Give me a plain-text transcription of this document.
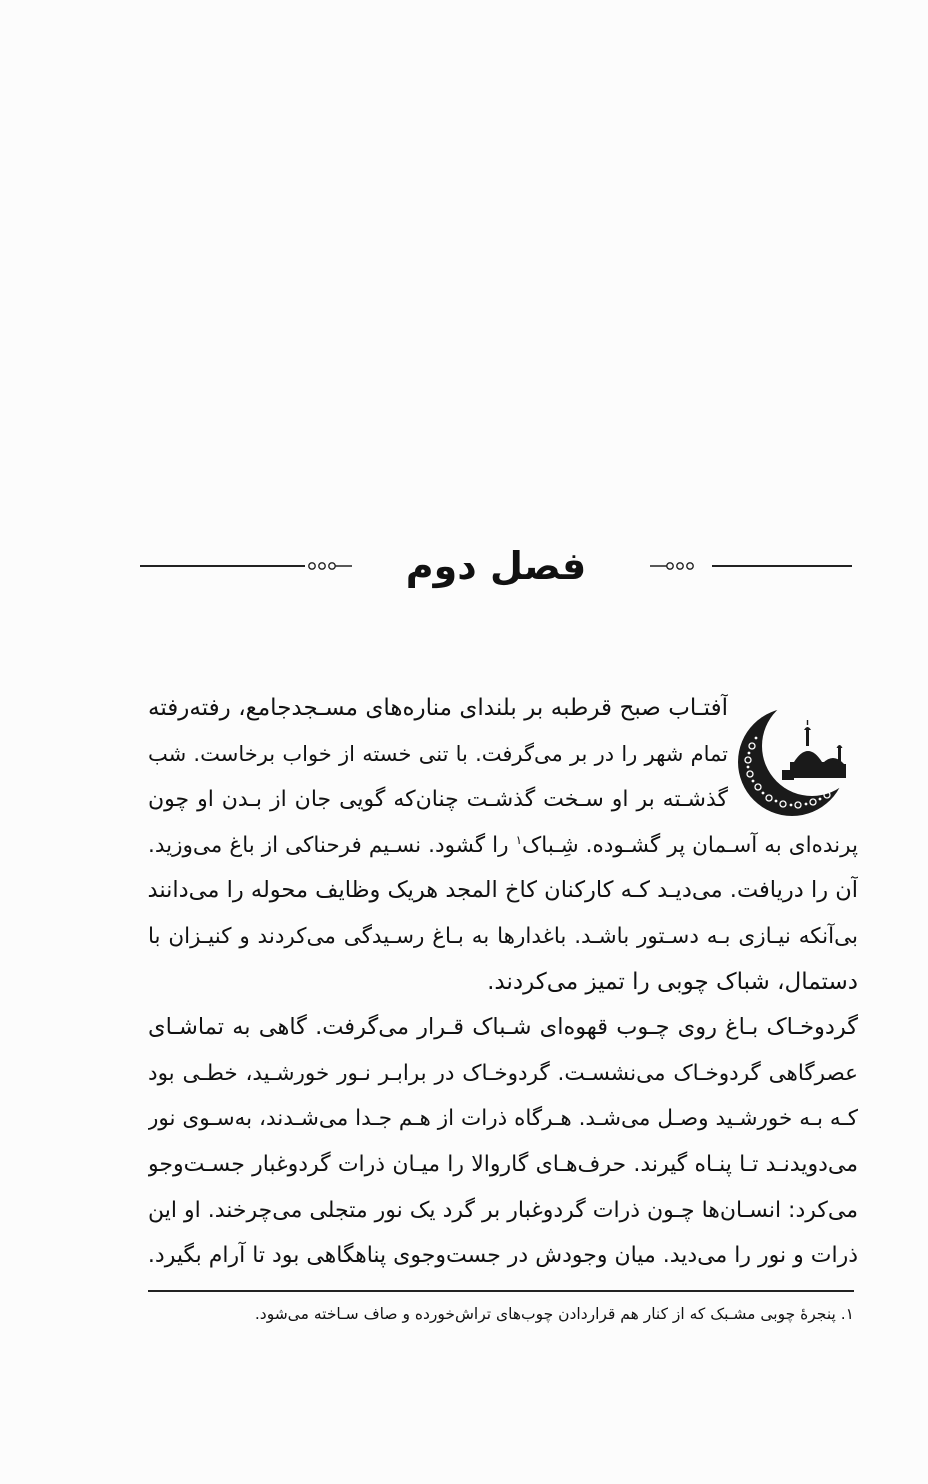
فصل دوم
آفتـاب صبح قرطبه بر بلندای مناره‌های مسـجدجامع، رفته‌رفته
تمام شهر را در بر می‌گرفت. با تنی خسته از خواب برخاست. شب
گذشـته بر او سـخت گذشـت چنان‌که گویی جان از بـدن او چون
پرنده‌ای به آسـمان پر گشـوده. شِـباک$^۱$ را گشود. نسـیم فرحناکی از باغ می‌وزید.
آن را دریافت. می‌دیـد کـه کارکنان کاخ المجد هریک وظایف محوله را می‌دانند
بی‌آنکه نیـازی بـه دسـتور باشـد. باغدارها به بـاغ رسـیدگی می‌کردند و کنیـزان با
دستمال، شباک چوبی را تمیز می‌کردند.
گردوخـاک بـاغ روی چـوب قهوه‌ای شـباک قـرار می‌گرفت. گاهی به تماشـای
عصرگاهی گردوخـاک می‌نشسـت. گردوخـاک در برابـر نـور خورشـید، خطـی بود
کـه بـه خورشـید وصـل می‌شـد. هـرگاه ذرات از هـم جـدا می‌شـدند، به‌سـوی نور
می‌دویدنـد تـا پنـاه گیرند. حرف‌هـای گاروالا را میـان ذرات گردوغبار جسـت‌وجو
می‌کرد: انسـان‌ها چـون ذرات گردوغبار بر گرد یک نور متجلی می‌چرخند. او این
ذرات و نور را می‌دید. میان وجودش در جست‌وجوی پناهگاهی بود تا آرام بگیرد.
۱. پنجرهٔ چوبی مشـبک که از کنار هم قراردادن چوب‌های تراش‌خورده و صاف سـاخته می‌شود.
